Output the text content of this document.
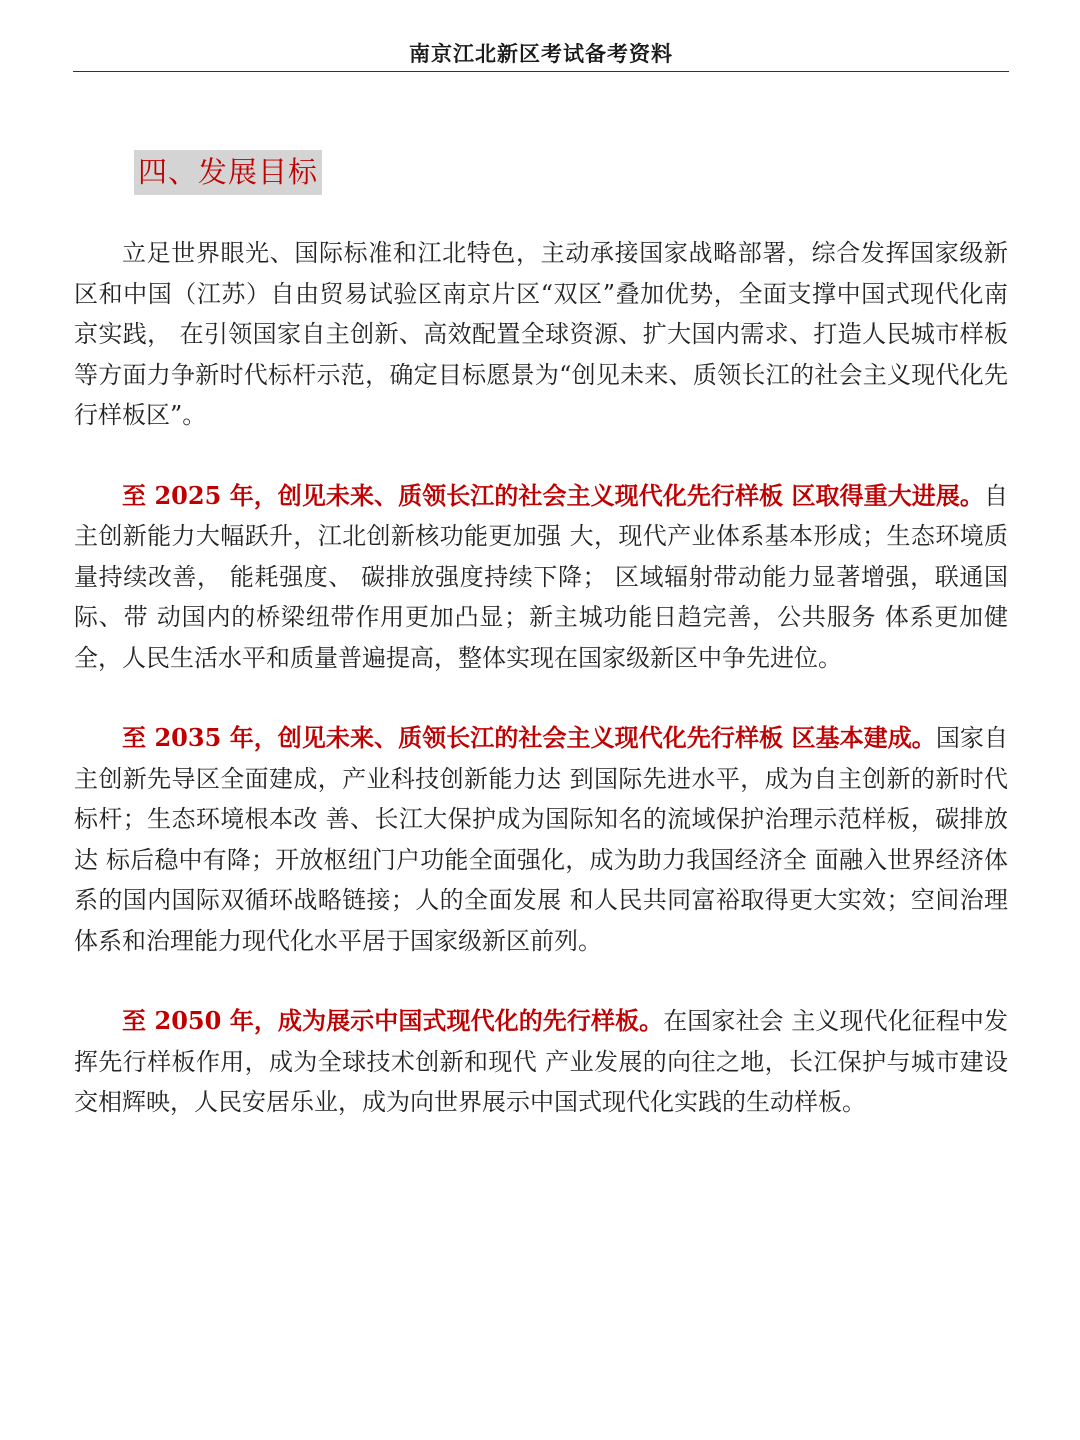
南京江北新区考试备考资料
四、发展目标

立足世界眼光、国际标准和江北特色，主动承接国家战略部署，综合发挥国家级新区和中国（江苏）自由贸易试验区南京片区“双区”叠加优势，全面支撑中国式现代化南京实践， 在引领国家自主创新、高效配置全球资源、扩大国内需求、打造人民城市样板等方面力争新时代标杆示范，确定目标愿景为“创见未来、质领长江的社会主义现代化先行样板区”。

至 2025 年，创见未来、质领长江的社会主义现代化先行样板 区取得重大进展。自主创新能力大幅跃升，江北创新核功能更加强 大，现代产业体系基本形成；生态环境质量持续改善， 能耗强度、 碳排放强度持续下降； 区域辐射带动能力显著增强，联通国际、带 动国内的桥梁纽带作用更加凸显；新主城功能日趋完善，公共服务 体系更加健全，人民生活水平和质量普遍提高，整体实现在国家级新区中争先进位。

至 2035 年，创见未来、质领长江的社会主义现代化先行样板 区基本建成。国家自主创新先导区全面建成，产业科技创新能力达 到国际先进水平，成为自主创新的新时代标杆；生态环境根本改 善、长江大保护成为国际知名的流域保护治理示范样板，碳排放达 标后稳中有降；开放枢纽门户功能全面强化，成为助力我国经济全 面融入世界经济体系的国内国际双循环战略链接；人的全面发展 和人民共同富裕取得更大实效；空间治理体系和治理能力现代化水平居于国家级新区前列。

至 2050 年，成为展示中国式现代化的先行样板。在国家社会 主义现代化征程中发挥先行样板作用，成为全球技术创新和现代 产业发展的向往之地，长江保护与城市建设交相辉映，人民安居乐业，成为向世界展示中国式现代化实践的生动样板。
